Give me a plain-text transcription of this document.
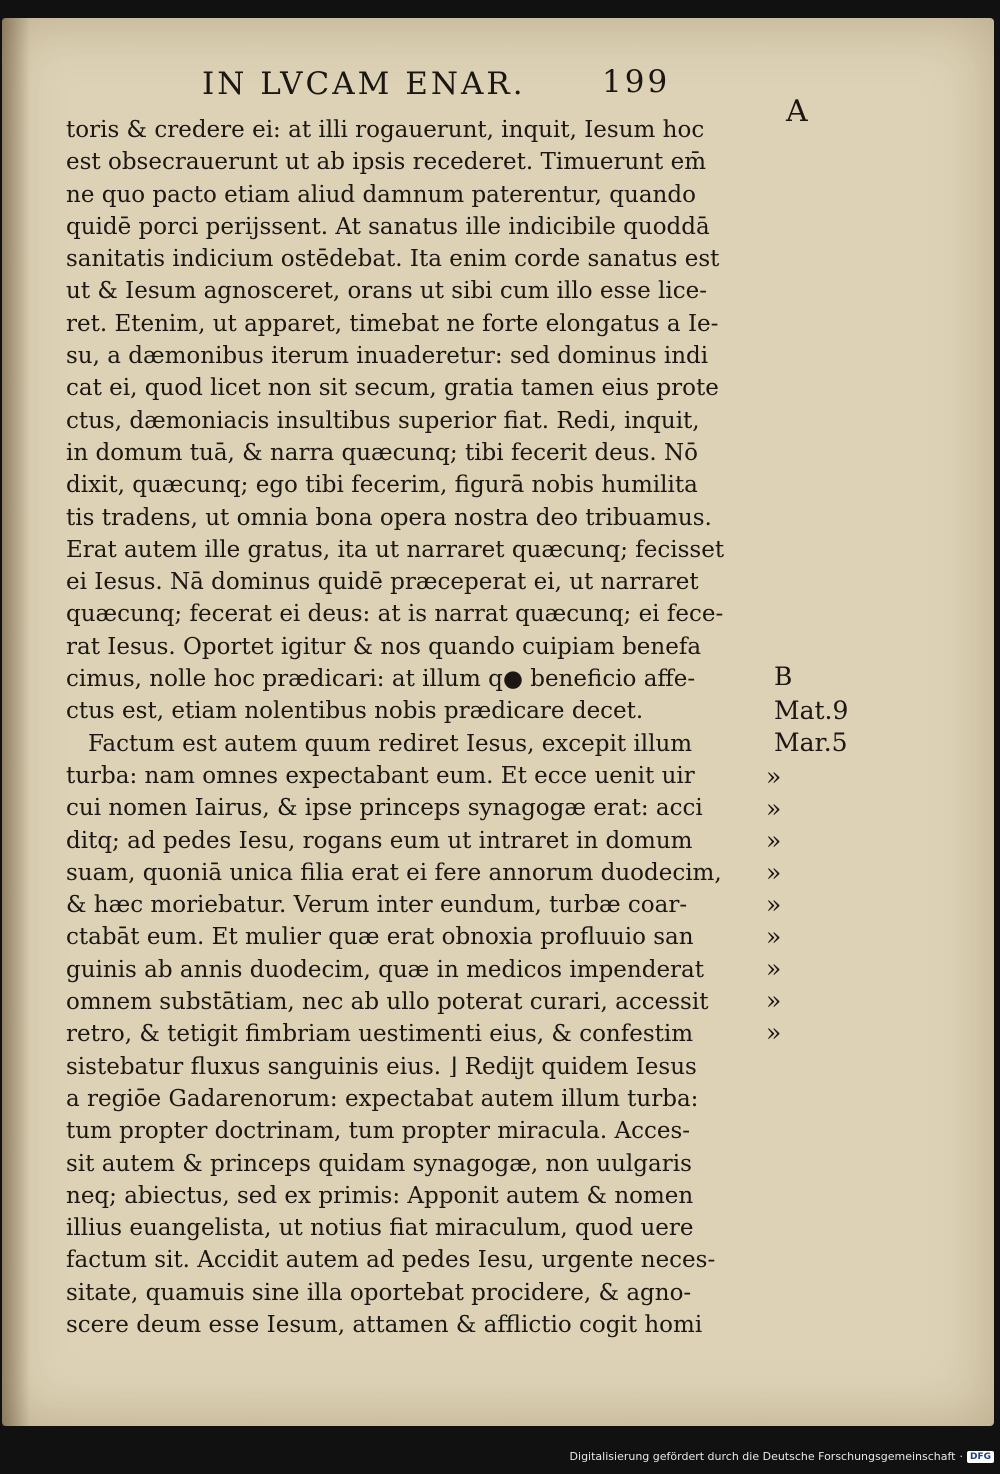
IN LVCAM ENAR. 199
toris & credere ei: at illi rogauerunt, inquit, Iesum hoc
est obsecrauerunt ut ab ipsis recederet. Timuerunt em̄
ne quo pacto etiam aliud damnum paterentur, quando
quidē porci perijssent. At sanatus ille indicibile quoddā
sanitatis indicium ostēdebat. Ita enim corde sanatus est
ut & Iesum agnosceret, orans ut sibi cum illo esse lice-
ret. Etenim, ut apparet, timebat ne forte elongatus a Ie-
su, a dæmonibus iterum inuaderetur: sed dominus indi
cat ei, quod licet non sit secum, gratia tamen eius prote
ctus, dæmoniacis insultibus superior fiat. Redi, inquit,
in domum tuā, & narra quæcunq; tibi fecerit deus. Nō
dixit, quæcunq; ego tibi fecerim, figurā nobis humilita
tis tradens, ut omnia bona opera nostra deo tribuamus.
Erat autem ille gratus, ita ut narraret quæcunq; fecisset
ei Iesus. Nā dominus quidē præceperat ei, ut narraret
quæcunq; fecerat ei deus: at is narrat quæcunq; ei fece-
rat Iesus. Oportet igitur & nos quando cuipiam benefa
cimus, nolle hoc prædicari: at illum q● beneficio affe-
ctus est, etiam nolentibus nobis prædicare decet.
Factum est autem quum rediret Iesus, excepit illum
turba: nam omnes expectabant eum. Et ecce uenit uir
cui nomen Iairus, & ipse princeps synagogæ erat: acci
ditq; ad pedes Iesu, rogans eum ut intraret in domum
suam, quoniā unica filia erat ei fere annorum duodecim,
& hæc moriebatur. Verum inter eundum, turbæ coar-
ctabāt eum. Et mulier quæ erat obnoxia profluuio san
guinis ab annis duodecim, quæ in medicos impenderat
omnem substātiam, nec ab ullo poterat curari, accessit
retro, & tetigit fimbriam uestimenti eius, & confestim
sistebatur fluxus sanguinis eius. ⌋ Redijt quidem Iesus
a regiōe Gadarenorum: expectabat autem illum turba:
tum propter doctrinam, tum propter miracula. Acces-
sit autem & princeps quidam synagogæ, non uulgaris
neq; abiectus, sed ex primis: Apponit autem & nomen
illius euangelista, ut notius fiat miraculum, quod uere
factum sit. Accidit autem ad pedes Iesu, urgente neces-
sitate, quamuis sine illa oportebat procidere, & agno-
scere deum esse Iesum, attamen & afflictio cogit homi
A
B
Mat.9
Mar.5
»
»
»
»
»
»
»
»
»
Digitalisierung gefördert durch die Deutsche Forschungsgemeinschaft · DFG
